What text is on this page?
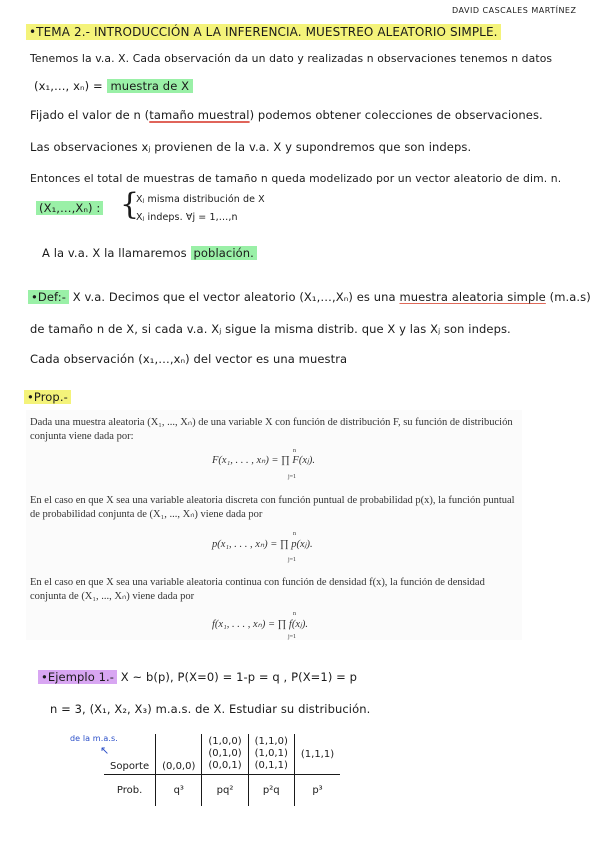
DAVID CASCALES MARTÍNEZ
•TEMA 2.- INTRODUCCIÓN A LA INFERENCIA. MUESTREO ALEATORIO SIMPLE.
Tenemos la v.a. X. Cada observación da un dato y realizadas n observaciones tenemos n datos
(x₁,…, xₙ) = muestra de X
Fijado el valor de n (tamaño muestral) podemos obtener colecciones de observaciones.
Las observaciones xⱼ provienen de la v.a. X y supondremos que son indeps.
Entonces el total de muestras de tamaño n queda modelizado por un vector aleatorio de dim. n.
(X₁,…,Xₙ) : {
Xⱼ misma distribución de X
Xⱼ indeps. ∀j = 1,…,n
A la v.a. X la llamaremos población.
•Def:- X v.a. Decimos que el vector aleatorio (X₁,…,Xₙ) es una muestra aleatoria simple (m.a.s)
de tamaño n de X, si cada v.a. Xⱼ sigue la misma distrib. que X y las Xⱼ son indeps.
Cada observación (x₁,…,xₙ) del vector es una muestra
•Prop.-
Dada una muestra aleatoria (X₁, ..., Xₙ) de una variable X con función de distribución F, su función de distribución conjunta viene dada por:
F(x₁, . . . , xₙ) = ∏ F(xⱼ).
n
j=1
En el caso en que X sea una variable aleatoria discreta con función puntual de probabilidad p(x), la función puntual de probabilidad conjunta de (X₁, ..., Xₙ) viene dada por
p(x₁, . . . , xₙ) = ∏ p(xⱼ).
n
j=1
En el caso en que X sea una variable aleatoria continua con función de densidad f(x), la función de densidad conjunta de (X₁, ..., Xₙ) viene dada por
f(x₁, . . . , xₙ) = ∏ f(xⱼ).
n
j=1
•Ejemplo 1.- X ~ b(p), P(X=0) = 1-p = q , P(X=1) = p
n = 3, (X₁, X₂, X₃) m.a.s. de X. Estudiar su distribución.
de la m.a.s.
↖
Soporte	(0,0,0)	(1,0,0)
(0,1,0)
(0,0,1)	(1,1,0)
(1,0,1)
(0,1,1)	(1,1,1)
Prob.	q³	pq²	p²q	p³
